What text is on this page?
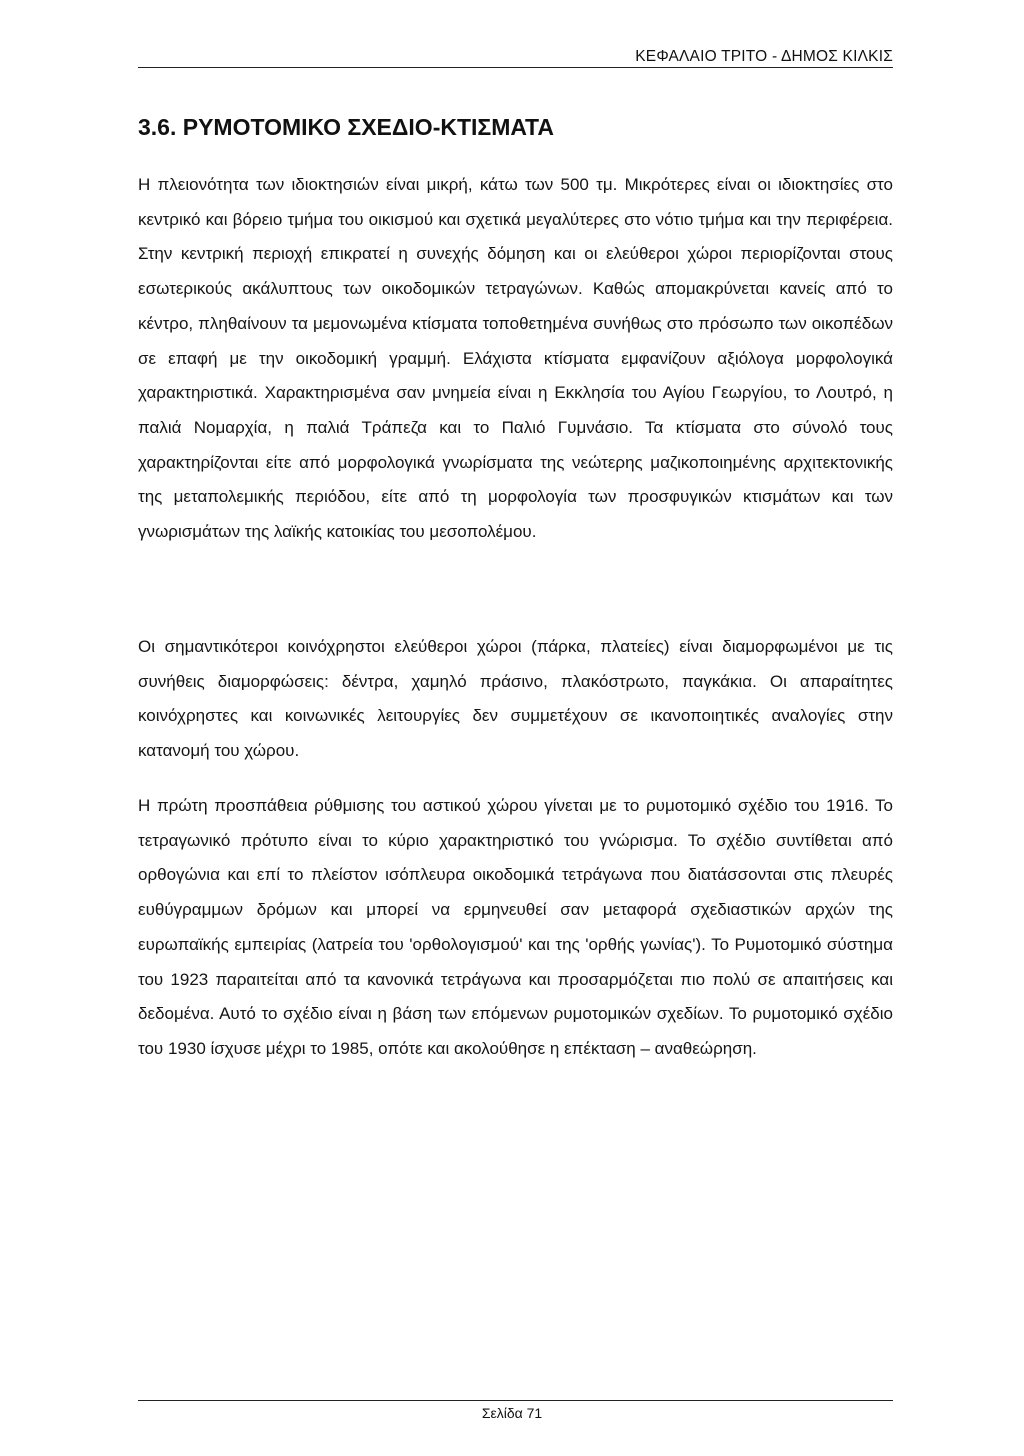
ΚΕΦΑΛΑΙΟ ΤΡΙΤΟ - ΔΗΜΟΣ ΚΙΛΚΙΣ
3.6. ΡΥΜΟΤΟΜΙΚΟ ΣΧΕΔΙΟ-ΚΤΙΣΜΑΤΑ

Η πλειονότητα των ιδιοκτησιών είναι μικρή, κάτω των 500 τμ. Μικρότερες είναι οι ιδιοκτησίες στο κεντρικό και βόρειο τμήμα του οικισμού και σχετικά μεγαλύτερες στο νότιο τμήμα και την περιφέρεια. Στην κεντρική περιοχή επικρατεί η συνεχής δόμηση και οι ελεύθεροι χώροι περιορίζονται στους εσωτερικούς ακάλυπτους των οικοδομικών τετραγώνων. Καθώς απομακρύνεται κανείς από το κέντρο, πληθαίνουν τα μεμονωμένα κτίσματα τοποθετημένα συνήθως στο πρόσωπο των οικοπέδων σε επαφή με την οικοδομική γραμμή. Ελάχιστα κτίσματα εμφανίζουν αξιόλογα μορφολογικά χαρακτηριστικά. Χαρακτηρισμένα σαν μνημεία είναι η Εκκλησία του Αγίου Γεωργίου, το Λουτρό, η παλιά Νομαρχία, η παλιά Τράπεζα και το Παλιό Γυμνάσιο. Τα κτίσματα στο σύνολό τους χαρακτηρίζονται είτε από μορφολογικά γνωρίσματα της νεώτερης μαζικοποιημένης αρχιτεκτονικής της μεταπολεμικής περιόδου, είτε από τη μορφολογία των προσφυγικών κτισμάτων και των γνωρισμάτων της λαϊκής κατοικίας του μεσοπολέμου.

Οι σημαντικότεροι κοινόχρηστοι ελεύθεροι χώροι (πάρκα, πλατείες) είναι διαμορφωμένοι με τις συνήθεις διαμορφώσεις: δέντρα, χαμηλό πράσινο, πλακόστρωτο, παγκάκια. Οι απαραίτητες κοινόχρηστες και κοινωνικές λειτουργίες δεν συμμετέχουν σε ικανοποιητικές αναλογίες στην κατανομή του χώρου.

Η πρώτη προσπάθεια ρύθμισης του αστικού χώρου γίνεται με το ρυμοτομικό σχέδιο του 1916. Το τετραγωνικό πρότυπο είναι το κύριο χαρακτηριστικό του γνώρισμα. Το σχέδιο συντίθεται από ορθογώνια και επί το πλείστον ισόπλευρα οικοδομικά τετράγωνα που διατάσσονται στις πλευρές ευθύγραμμων δρόμων και μπορεί να ερμηνευθεί σαν μεταφορά σχεδιαστικών αρχών της ευρωπαϊκής εμπειρίας (λατρεία του 'ορθολογισμού' και της 'ορθής γωνίας'). Το Ρυμοτομικό σύστημα του 1923 παραιτείται από τα κανονικά τετράγωνα και προσαρμόζεται πιο πολύ σε απαιτήσεις και δεδομένα. Αυτό το σχέδιο είναι η βάση των επόμενων ρυμοτομικών σχεδίων. Το ρυμοτομικό σχέδιο του 1930 ίσχυσε μέχρι το 1985, οπότε και ακολούθησε η επέκταση – αναθεώρηση.

Σελίδα 71
